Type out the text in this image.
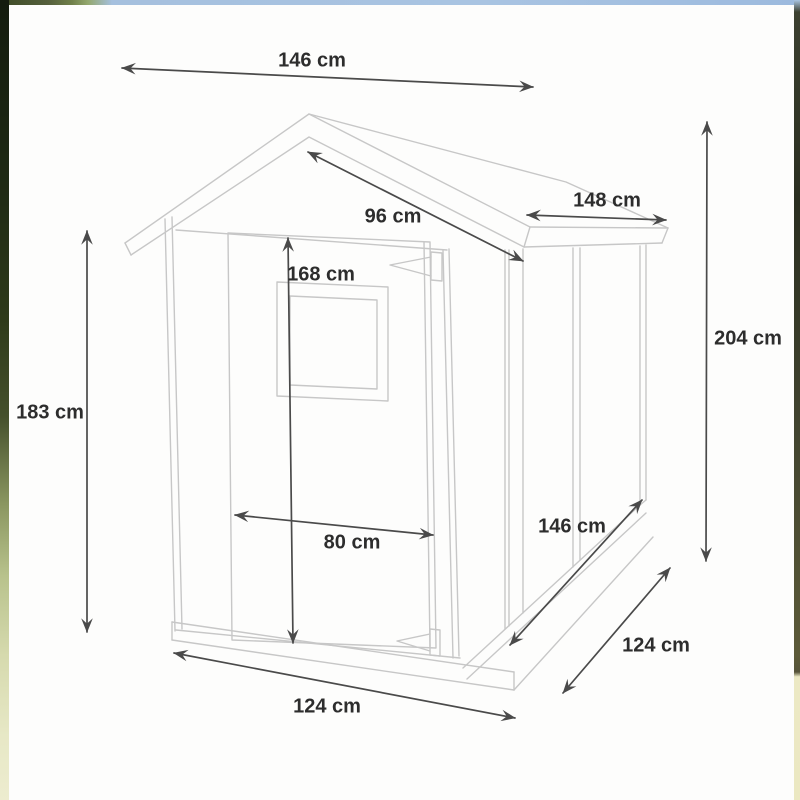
146 cm
96 cm
148 cm
168 cm
183 cm
204 cm
146 cm
124 cm
124 cm
80 cm
